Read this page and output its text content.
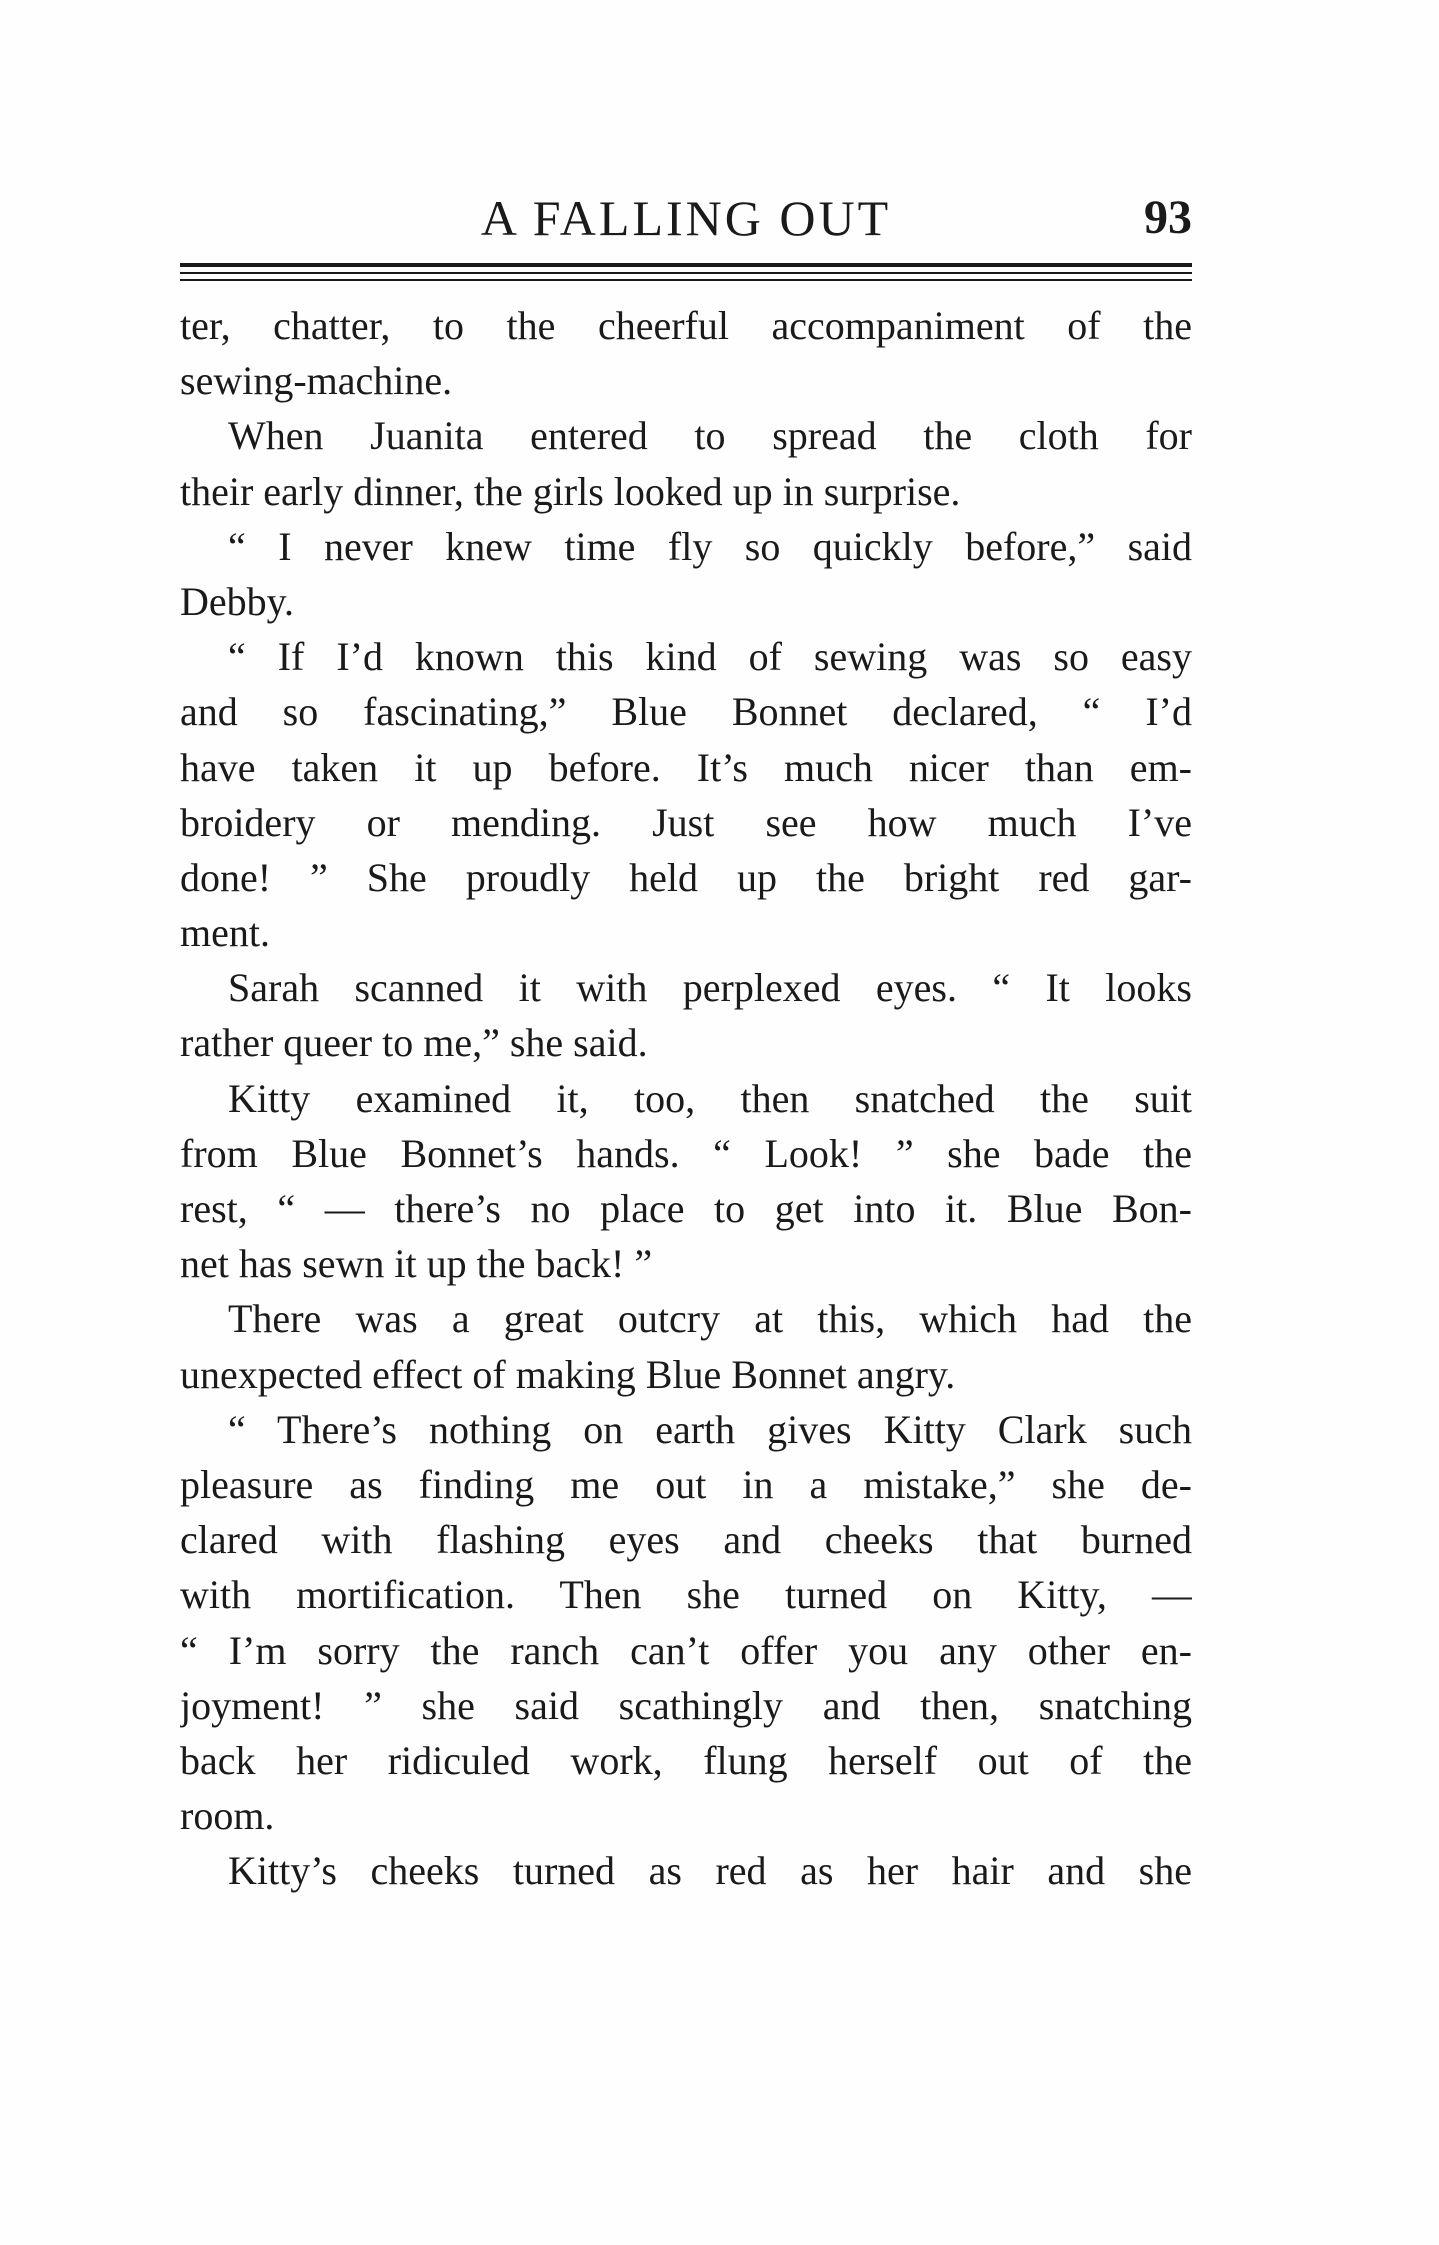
A FALLING OUT	93
ter, chatter, to the cheerful accompaniment of the
sewing-machine.
When Juanita entered to spread the cloth for
their early dinner, the girls looked up in surprise.
“ I never knew time fly so quickly before,” said
Debby.
“ If I’d known this kind of sewing was so easy
and so fascinating,” Blue Bonnet declared, “ I’d
have taken it up before. It’s much nicer than em-
broidery or mending. Just see how much I’ve
done! ” She proudly held up the bright red gar-
ment.
Sarah scanned it with perplexed eyes. “ It looks
rather queer to me,” she said.
Kitty examined it, too, then snatched the suit
from Blue Bonnet’s hands. “ Look! ” she bade the
rest, “ — there’s no place to get into it. Blue Bon-
net has sewn it up the back! ”
There was a great outcry at this, which had the
unexpected effect of making Blue Bonnet angry.
“ There’s nothing on earth gives Kitty Clark such
pleasure as finding me out in a mistake,” she de-
clared with flashing eyes and cheeks that burned
with mortification. Then she turned on Kitty, —
“ I’m sorry the ranch can’t offer you any other en-
joyment! ” she said scathingly and then, snatching
back her ridiculed work, flung herself out of the
room.
Kitty’s cheeks turned as red as her hair and she
